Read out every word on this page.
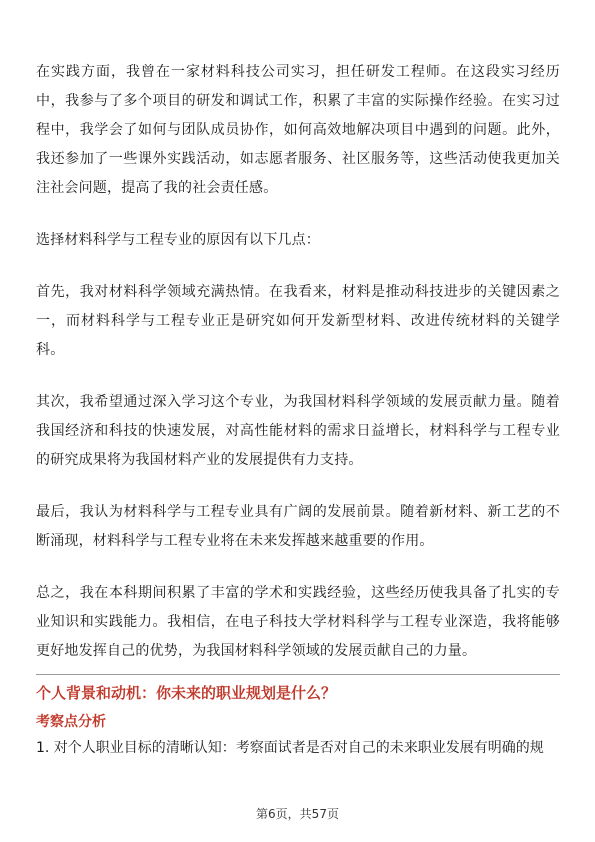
在实践方面，我曾在一家材料科技公司实习，担任研发工程师。在这段实习经历中，我参与了多个项目的研发和调试工作，积累了丰富的实际操作经验。在实习过程中，我学会了如何与团队成员协作，如何高效地解决项目中遇到的问题。此外，我还参加了一些课外实践活动，如志愿者服务、社区服务等，这些活动使我更加关注社会问题，提高了我的社会责任感。

选择材料科学与工程专业的原因有以下几点：

首先，我对材料科学领域充满热情。在我看来，材料是推动科技进步的关键因素之一，而材料科学与工程专业正是研究如何开发新型材料、改进传统材料的关键学科。

其次，我希望通过深入学习这个专业，为我国材料科学领域的发展贡献力量。随着我国经济和科技的快速发展，对高性能材料的需求日益增长，材料科学与工程专业的研究成果将为我国材料产业的发展提供有力支持。

最后，我认为材料科学与工程专业具有广阔的发展前景。随着新材料、新工艺的不断涌现，材料科学与工程专业将在未来发挥越来越重要的作用。

总之，我在本科期间积累了丰富的学术和实践经验，这些经历使我具备了扎实的专业知识和实践能力。我相信，在电子科技大学材料科学与工程专业深造，我将能够更好地发挥自己的优势，为我国材料科学领域的发展贡献自己的力量。

个人背景和动机：你未来的职业规划是什么？

考察点分析

1. 对个人职业目标的清晰认知：考察面试者是否对自己的未来职业发展有明确的规

第6页，共57页
